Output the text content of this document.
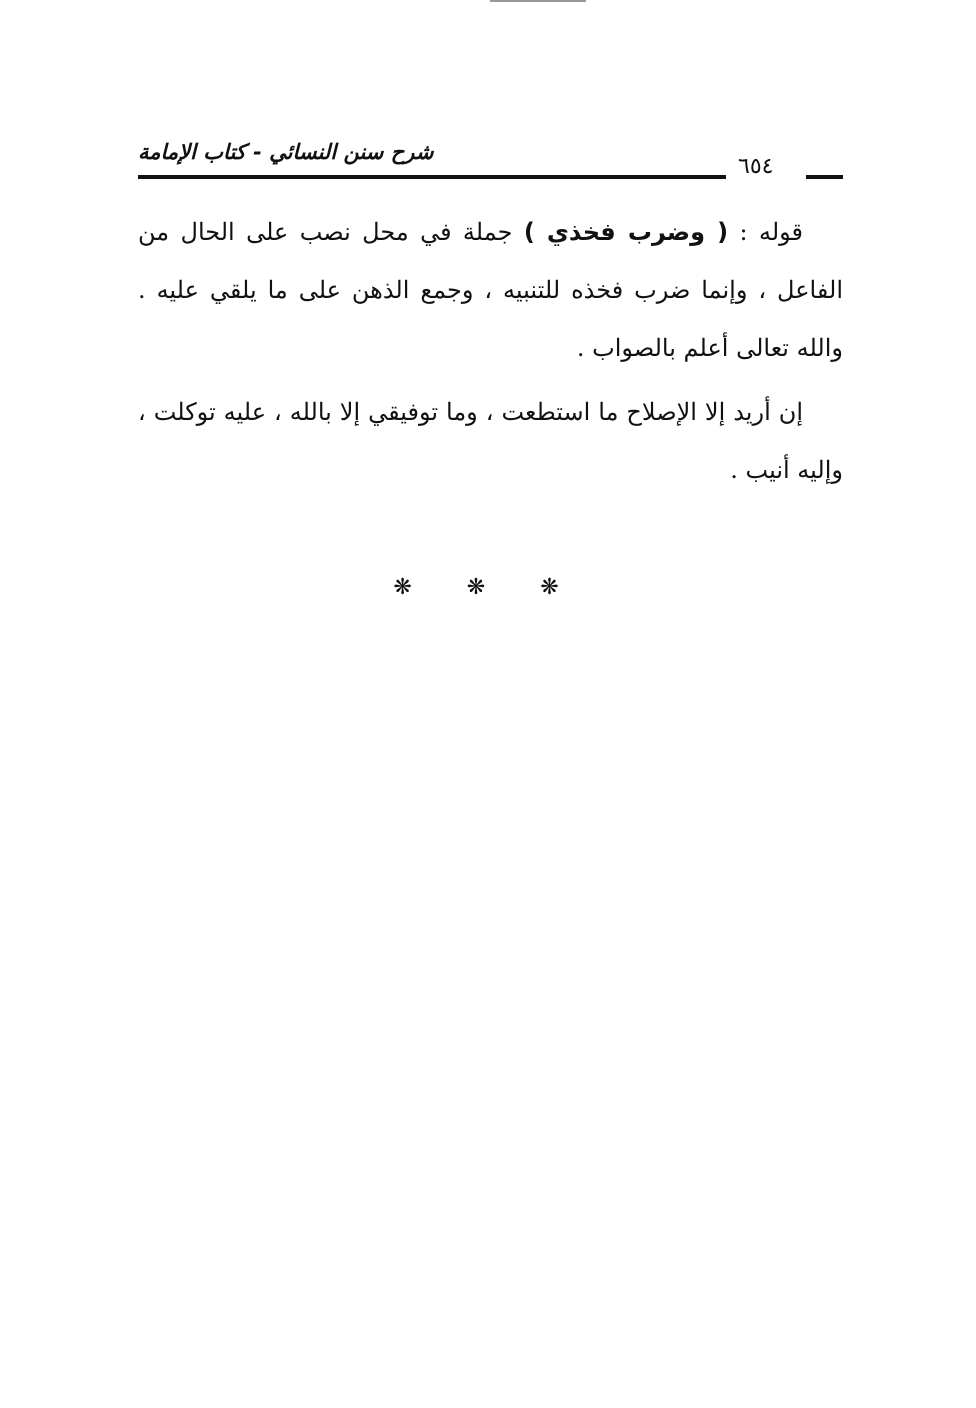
شرح سنن النسائي - كتاب الإمامة
٦٥٤

قوله : ( وضرب فخذي ) جملة في محل نصب على الحال من الفاعل ، وإنما ضرب فخذه للتنبيه ، وجمع الذهن على ما يلقي عليه . والله تعالى أعلم بالصواب .

إن أريد إلا الإصلاح ما استطعت ، وما توفيقي إلا بالله ، عليه توكلت ، وإليه أنيب .

❋ ❋ ❋
